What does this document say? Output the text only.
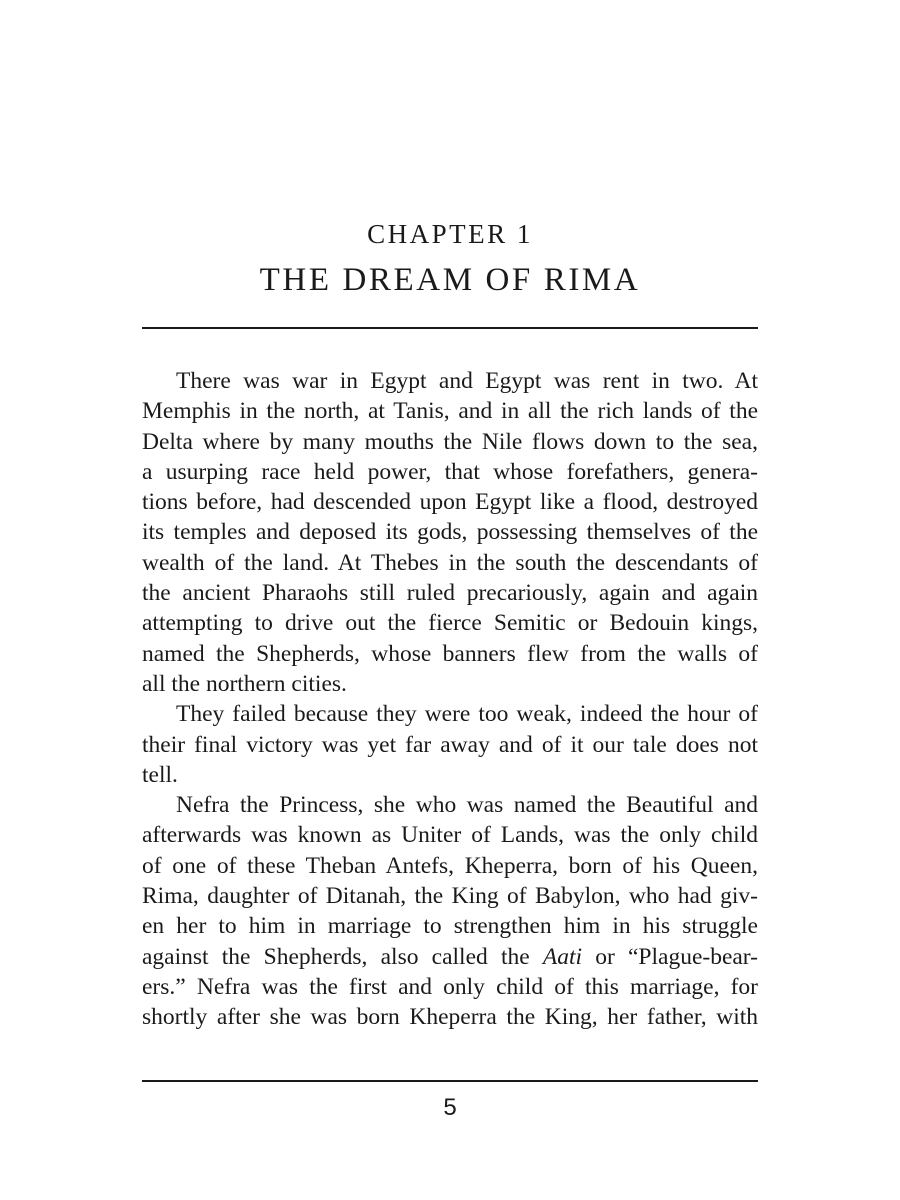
CHAPTER 1
THE DREAM OF RIMA
There was war in Egypt and Egypt was rent in two. At
Memphis in the north, at Tanis, and in all the rich lands of the
Delta where by many mouths the Nile flows down to the sea,
a usurping race held power, that whose forefathers, genera-
tions before, had descended upon Egypt like a flood, destroyed
its temples and deposed its gods, possessing themselves of the
wealth of the land. At Thebes in the south the descendants of
the ancient Pharaohs still ruled precariously, again and again
attempting to drive out the fierce Semitic or Bedouin kings,
named the Shepherds, whose banners flew from the walls of
all the northern cities.
They failed because they were too weak, indeed the hour of
their final victory was yet far away and of it our tale does not
tell.
Nefra the Princess, she who was named the Beautiful and
afterwards was known as Uniter of Lands, was the only child
of one of these Theban Antefs, Kheperra, born of his Queen,
Rima, daughter of Ditanah, the King of Babylon, who had giv-
en her to him in marriage to strengthen him in his struggle
against the Shepherds, also called the Aati or “Plague-bear-
ers.” Nefra was the first and only child of this marriage, for
shortly after she was born Kheperra the King, her father, with
5
